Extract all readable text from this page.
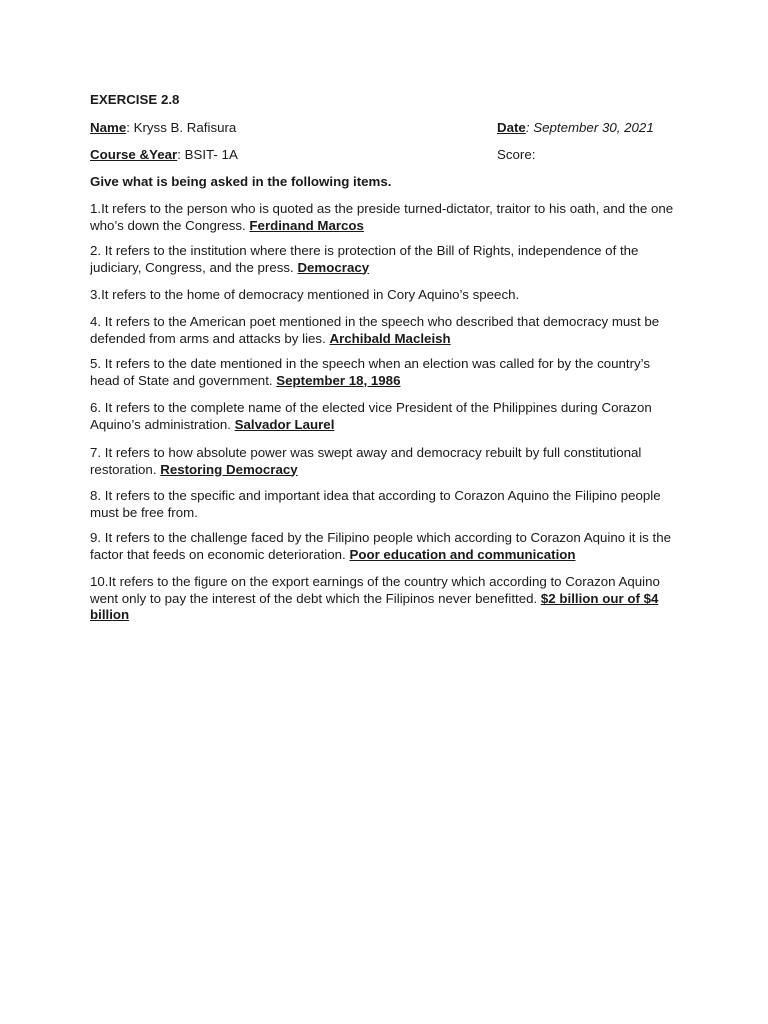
EXERCISE 2.8
Name: Kryss B. Rafisura	Date: September 30, 2021
Course &Year: BSIT- 1A	Score:
Give what is being asked in the following items.
1.It refers to the person who is quoted as the preside turned-dictator, traitor to his oath, and the one who’s down the Congress. Ferdinand Marcos
2. It refers to the institution where there is protection of the Bill of Rights, independence of the judiciary, Congress, and the press. Democracy
3.It refers to the home of democracy mentioned in Cory Aquino’s speech.
4. It refers to the American poet mentioned in the speech who described that democracy must be defended from arms and attacks by lies. Archibald Macleish
5. It refers to the date mentioned in the speech when an election was called for by the country’s head of State and government. September 18, 1986
6. It refers to the complete name of the elected vice President of the Philippines during Corazon Aquino’s administration. Salvador Laurel
7. It refers to how absolute power was swept away and democracy rebuilt by full constitutional restoration. Restoring Democracy
8. It refers to the specific and important idea that according to Corazon Aquino the Filipino people must be free from.
9. It refers to the challenge faced by the Filipino people which according to Corazon Aquino it is the factor that feeds on economic deterioration. Poor education and communication
10.It refers to the figure on the export earnings of the country which according to Corazon Aquino went only to pay the interest of the debt which the Filipinos never benefitted. $2 billion our of $4 billion
